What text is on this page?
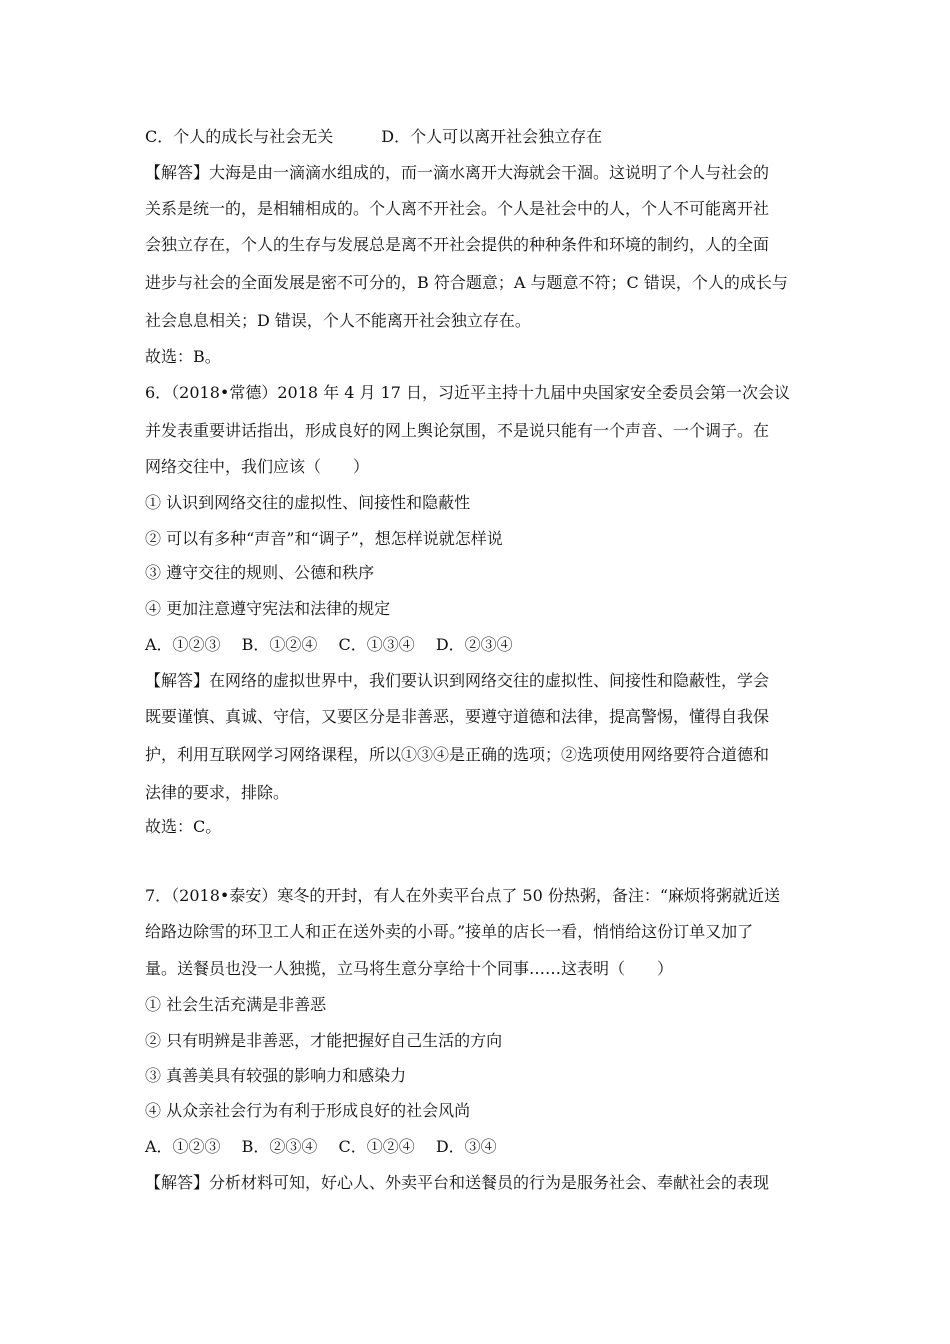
C．个人的成长与社会无关　　　D．个人可以离开社会独立存在
【解答】大海是由一滴滴水组成的，而一滴水离开大海就会干涸。这说明了个人与社会的
关系是统一的，是相辅相成的。个人离不开社会。个人是社会中的人，个人不可能离开社
会独立存在，个人的生存与发展总是离不开社会提供的种种条件和环境的制约，人的全面
进步与社会的全面发展是密不可分的，B 符合题意；A 与题意不符；C 错误，个人的成长与
社会息息相关；D 错误，个人不能离开社会独立存在。
故选：B。
6．（2018•常德）2018 年 4 月 17 日，习近平主持十九届中央国家安全委员会第一次会议
并发表重要讲话指出，形成良好的网上舆论氛围，不是说只能有一个声音、一个调子。在
网络交往中，我们应该（　　）
① 认识到网络交往的虚拟性、间接性和隐蔽性
② 可以有多种“声音”和“调子”，想怎样说就怎样说
③ 遵守交往的规则、公德和秩序
④ 更加注意遵守宪法和法律的规定
A．①②③　 B．①②④　 C．①③④　 D．②③④
【解答】在网络的虚拟世界中，我们要认识到网络交往的虚拟性、间接性和隐蔽性，学会
既要谨慎、真诚、守信，又要区分是非善恶，要遵守道德和法律，提高警惕，懂得自我保
护，利用互联网学习网络课程，所以①③④是正确的选项；②选项使用网络要符合道德和
法律的要求，排除。
故选：C。
7．（2018•泰安）寒冬的开封，有人在外卖平台点了 50 份热粥，备注：“麻烦将粥就近送
给路边除雪的环卫工人和正在送外卖的小哥。”接单的店长一看，悄悄给这份订单又加了
量。送餐员也没一人独揽，立马将生意分享给十个同事……这表明（　　）
① 社会生活充满是非善恶
② 只有明辨是非善恶，才能把握好自己生活的方向
③ 真善美具有较强的影响力和感染力
④ 从众亲社会行为有利于形成良好的社会风尚
A．①②③　 B．②③④　 C．①②④　 D．③④
【解答】分析材料可知，好心人、外卖平台和送餐员的行为是服务社会、奉献社会的表现
